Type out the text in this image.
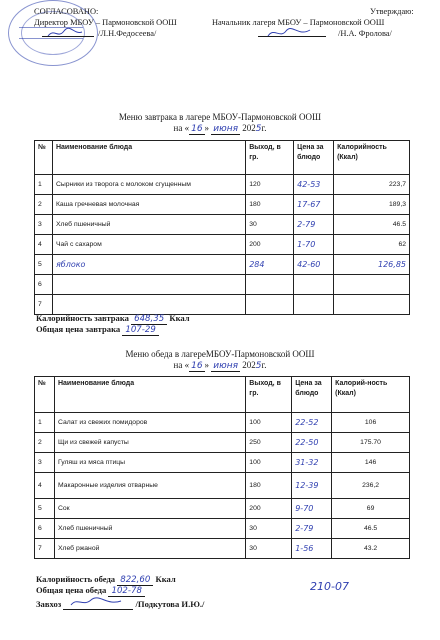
СОГЛАСОВАНО:
Директор МБОУ – Пармоновской ООШ
/Л.Н.Федосеева/
Утверждаю:
Начальник лагеря МБОУ – Пармоновской ООШ
/Н.А. Фролова/
Меню завтрака в лагере МБОУ-Пармоновской ООШ
на « 16 » июня 2025г.
№	Наименование блюда	Выход, в гр.	Цена за блюдо	Калорийность (Ккал)
1	Сырники из творога с молоком сгущенным	120	42-53	223,7
2	Каша гречневая молочная	180	17-67	189,3
3	Хлеб пшеничный	30	2-79	46.5
4	Чай с сахаром	200	1-70	62
5	яблоко	284	42-60	126,85
6				
7				
Калорийность завтрака 648,35 Ккал
Общая цена завтрака 107-29
Меню обеда в лагереМБОУ-Пармоновской ООШ
на « 16 » июня 2025г.
№	Наименование блюда	Выход, в гр.	Цена за блюдо	Калорий-ность (Ккал)
1	Салат из свежих помидоров	100	22-52	106
2	Щи из свежей капусты	250	22-50	175.70
3	Гуляш из мяса птицы	100	31-32	146
4	Макаронные изделия отварные	180	12-39	236,2
5	Сок	200	9-70	69
6	Хлеб пшеничный	30	2-79	46.5
7	Хлеб ржаной	30	1-56	43.2
Калорийность обеда 822,60 Ккал
Общая цена обеда 102-78
Завхоз	/Подкутова И.Ю./
210-07
